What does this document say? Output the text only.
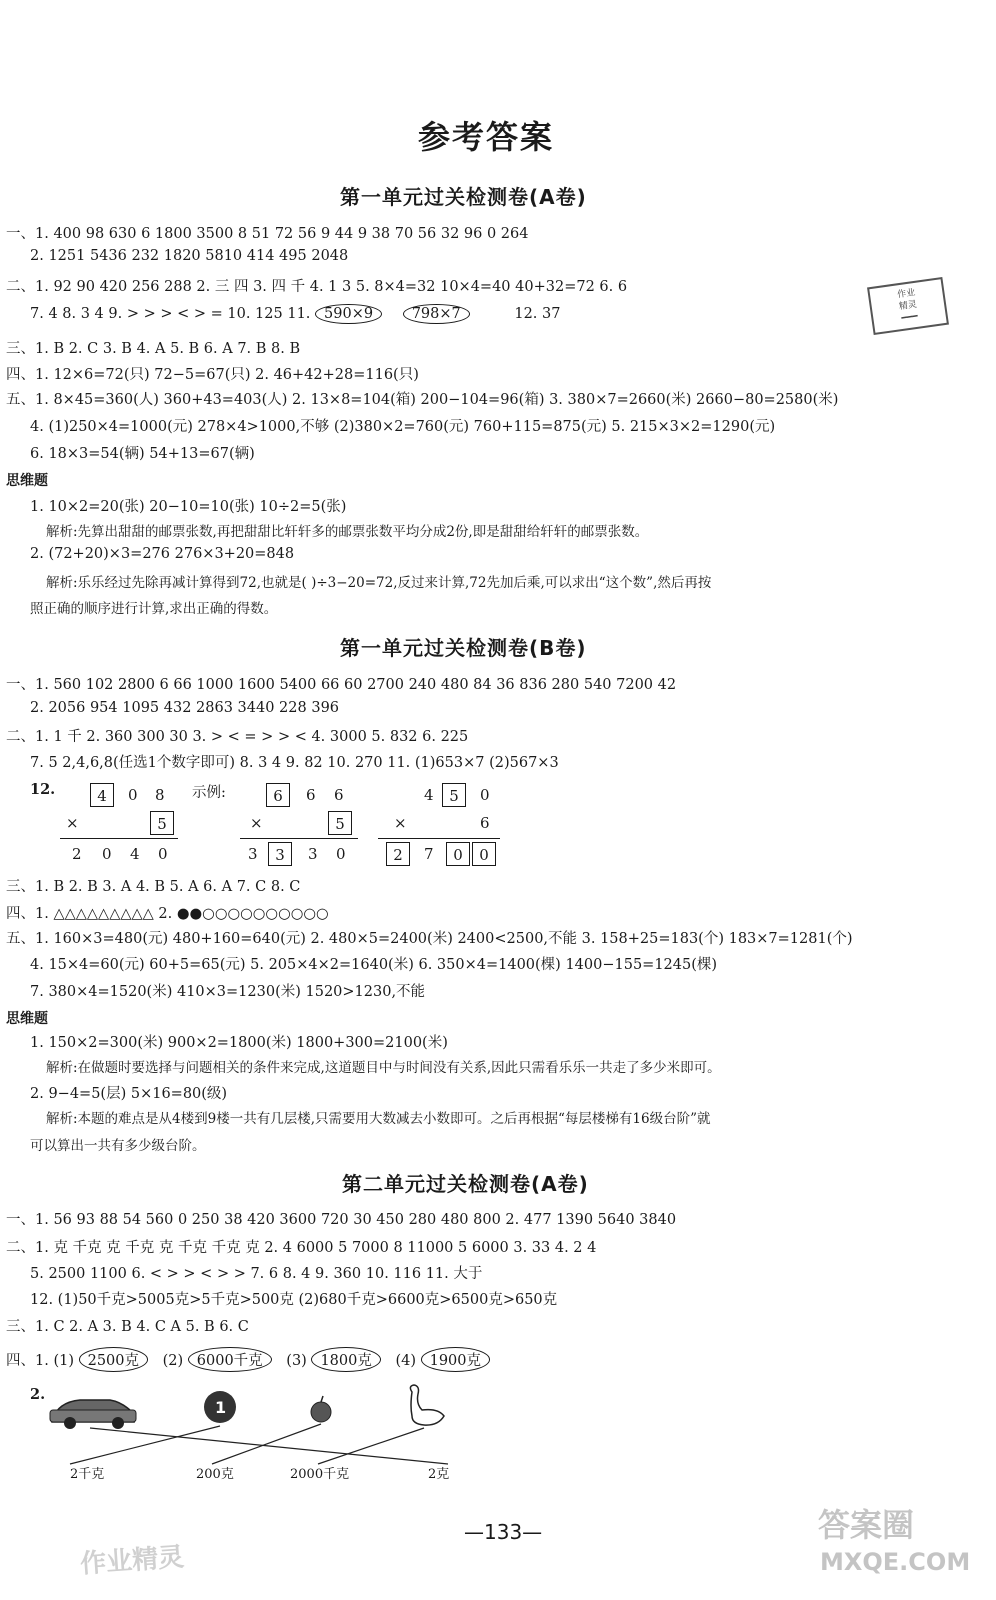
参考答案
第一单元过关检测卷(A卷)
一、1. 400 98 630 6 1800 3500 8 51 72 56 9 44 9 38 70 56 32 96 0 264
2. 1251 5436 232 1820 5810 414 495 2048
二、1. 92 90 420 256 288 2. 三 四 3. 四 千 4. 1 3 5. 8×4=32 10×4=40 40+32=72 6. 6
7. 4 8. 3 4 9. > > > < > = 10. 125 11. 590×9	798×7	12. 37
作业
精灵
━━━
三、1. B 2. C 3. B 4. A 5. B 6. A 7. B 8. B
四、1. 12×6=72(只) 72−5=67(只) 2. 46+42+28=116(只)
五、1. 8×45=360(人) 360+43=403(人) 2. 13×8=104(箱) 200−104=96(箱) 3. 380×7=2660(米) 2660−80=2580(米)
4. (1)250×4=1000(元) 278×4>1000,不够 (2)380×2=760(元) 760+115=875(元) 5. 215×3×2=1290(元)
6. 18×3=54(辆) 54+13=67(辆)
思维题
1. 10×2=20(张) 20−10=10(张) 10÷2=5(张)
解析:先算出甜甜的邮票张数,再把甜甜比轩轩多的邮票张数平均分成2份,即是甜甜给轩轩的邮票张数。
2. (72+20)×3=276 276×3+20=848
解析:乐乐经过先除再减计算得到72,也就是( )÷3−20=72,反过来计算,72先加后乘,可以求出“这个数”,然后再按
照正确的顺序进行计算,求出正确的得数。
第一单元过关检测卷(B卷)
一、1. 560 102 2800 6 66 1000 1600 5400 66 60 2700 240 480 84 36 836 280 540 7200 42
2. 2056 954 1095 432 2863 3440 228 396
二、1. 1 千 2. 360 300 30 3. > < = > > < 4. 3000 5. 832 6. 225
7. 5 2,4,6,8(任选1个数字即可) 8. 3 4 9. 82 10. 270 11. (1)653×7 (2)567×3
12.	示例:
4	0 8
×	5
2 0 4 0
6	6 6
×	5
3	3	3 0
4	5	0
×	6
2	7	0	0
三、1. B 2. B 3. A 4. B 5. A 6. A 7. C 8. C
四、1. △△△△△△△△△ 2. ●●○○○○○○○○○○
五、1. 160×3=480(元) 480+160=640(元) 2. 480×5=2400(米) 2400<2500,不能 3. 158+25=183(个) 183×7=1281(个)
4. 15×4=60(元) 60+5=65(元) 5. 205×4×2=1640(米) 6. 350×4=1400(棵) 1400−155=1245(棵)
7. 380×4=1520(米) 410×3=1230(米) 1520>1230,不能
思维题
1. 150×2=300(米) 900×2=1800(米) 1800+300=2100(米)
解析:在做题时要选择与问题相关的条件来完成,这道题目中与时间没有关系,因此只需看乐乐一共走了多少米即可。
2. 9−4=5(层) 5×16=80(级)
解析:本题的难点是从4楼到9楼一共有几层楼,只需要用大数减去小数即可。之后再根据“每层楼梯有16级台阶”就
可以算出一共有多少级台阶。
第二单元过关检测卷(A卷)
一、1. 56 93 88 54 560 0 250 38 420 3600 720 30 450 280 480 800 2. 477 1390 5640 3840
二、1. 克 千克 克 千克 克 千克 千克 克 2. 4 6000 5 7000 8 11000 5 6000 3. 33 4. 2 4
5. 2500 1100 6. < > > < > > 7. 6 8. 4 9. 360 10. 116 11. 大于
12. (1)50千克>5005克>5千克>500克 (2)680千克>6600克>6500克>650克
三、1. C 2. A 3. B 4. C A 5. B 6. C
四、1. (1) 2500克 (2) 6000千克 (3) 1800克 (4) 1900克
2.
1
2千克	200克	2000千克	2克
—133—
作业精灵
答案圈
MXQE.COM
